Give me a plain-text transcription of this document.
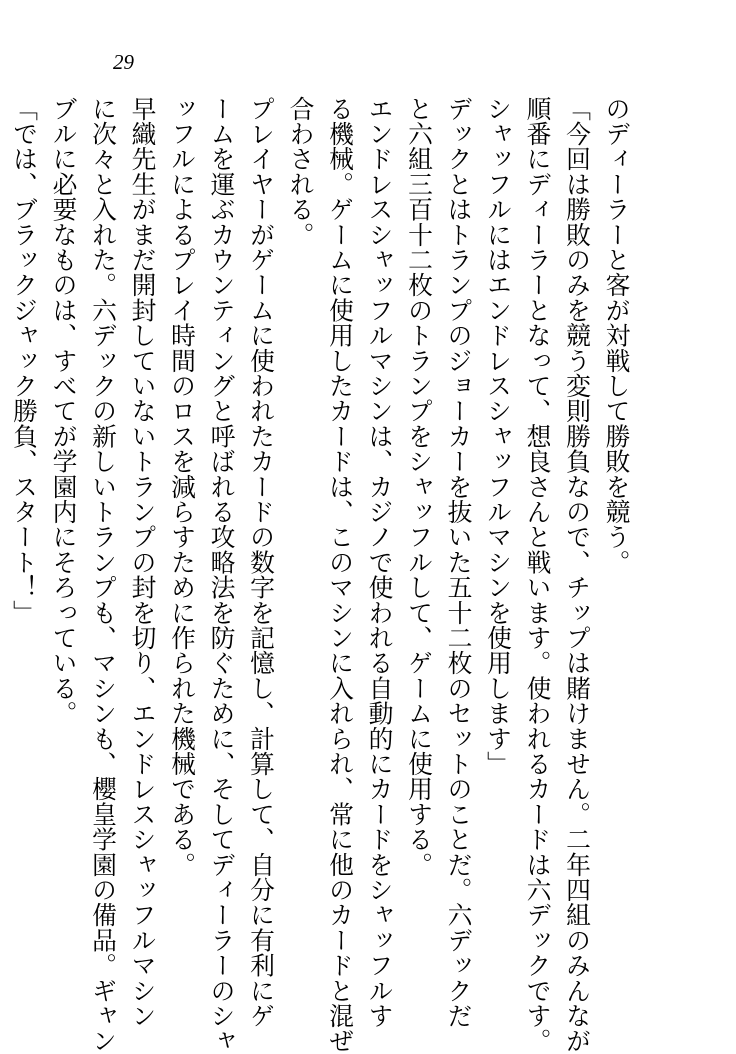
29
のディーラーと客が対戦して勝敗を競う。
「今回は勝敗のみを競う変則勝負なので、チップは賭けません。二年四組のみんなが
順番にディーラーとなって、想良さんと戦います。使われるカードは六デックです。
シャッフルにはエンドレスシャッフルマシンを使用します」
デックとはトランプのジョーカーを抜いた五十二枚のセットのことだ。六デックだ
と六組三百十二枚のトランプをシャッフルして、ゲームに使用する。
エンドレスシャッフルマシンは、カジノで使われる自動的にカードをシャッフルす
る機械。ゲームに使用したカードは、このマシンに入れられ、常に他のカードと混ぜ
合わされる。
プレイヤーがゲームに使われたカードの数字を記憶し、計算して、自分に有利にゲ
ームを運ぶカウンティングと呼ばれる攻略法を防ぐために、そしてディーラーのシャ
ッフルによるプレイ時間のロスを減らすために作られた機械である。
早織先生がまだ開封していないトランプの封を切り、エンドレスシャッフルマシン
に次々と入れた。六デックの新しいトランプも、マシンも、櫻皇学園の備品。ギャン
ブルに必要なものは、すべてが学園内にそろっている。
「では、ブラックジャック勝負、スタート！」
